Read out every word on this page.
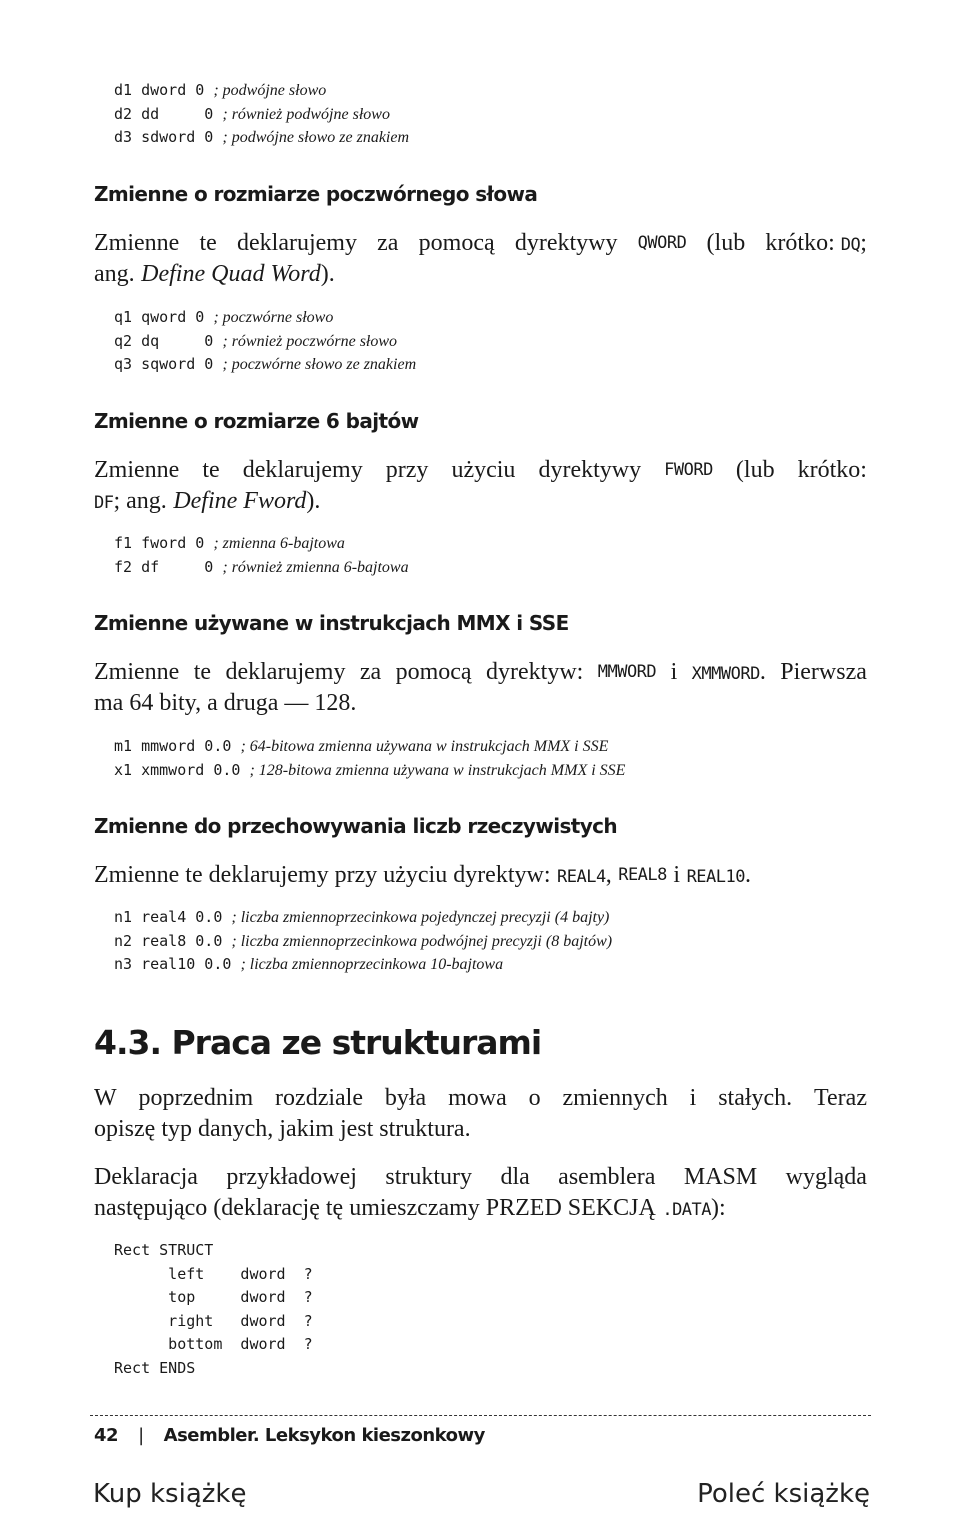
d1 dword 0 ; podwójne słowo
d2 dd     0 ; również podwójne słowo
d3 sdword 0 ; podwójne słowo ze znakiem
Zmienne o rozmiarze poczwórnego słowa
Zmienne te deklarujemy za pomocą dyrektywy QWORD (lub krótko: DQ;
ang. Define Quad Word).
q1 qword 0 ; poczwórne słowo
q2 dq     0 ; również poczwórne słowo
q3 sqword 0 ; poczwórne słowo ze znakiem
Zmienne o rozmiarze 6 bajtów
Zmienne te deklarujemy przy użyciu dyrektywy FWORD (lub krótko:
DF; ang. Define Fword).
f1 fword 0 ; zmienna 6-bajtowa
f2 df     0 ; również zmienna 6-bajtowa
Zmienne używane w instrukcjach MMX i SSE
Zmienne te deklarujemy za pomocą dyrektyw: MMWORD i XMMWORD. Pierwsza
ma 64 bity, a druga — 128.
m1 mmword 0.0 ; 64-bitowa zmienna używana w instrukcjach MMX i SSE
x1 xmmword 0.0 ; 128-bitowa zmienna używana w instrukcjach MMX i SSE
Zmienne do przechowywania liczb rzeczywistych
Zmienne te deklarujemy przy użyciu dyrektyw: REAL4, REAL8 i REAL10.
n1 real4 0.0 ; liczba zmiennoprzecinkowa pojedynczej precyzji (4 bajty)
n2 real8 0.0 ; liczba zmiennoprzecinkowa podwójnej precyzji (8 bajtów)
n3 real10 0.0 ; liczba zmiennoprzecinkowa 10-bajtowa
4.3. Praca ze strukturami
W poprzednim rozdziale była mowa o zmiennych i stałych. Teraz
opiszę typ danych, jakim jest struktura.
Deklaracja przykładowej struktury dla asemblera MASM wygląda
następująco (deklarację tę umieszczamy PRZED SEKCJĄ .DATA):
Rect STRUCT
left    dword  ?
top     dword  ?
right   dword  ?
bottom  dword  ?
Rect ENDS
42 | Asembler. Leksykon kieszonkowy
Kup książkę	Poleć książkę
